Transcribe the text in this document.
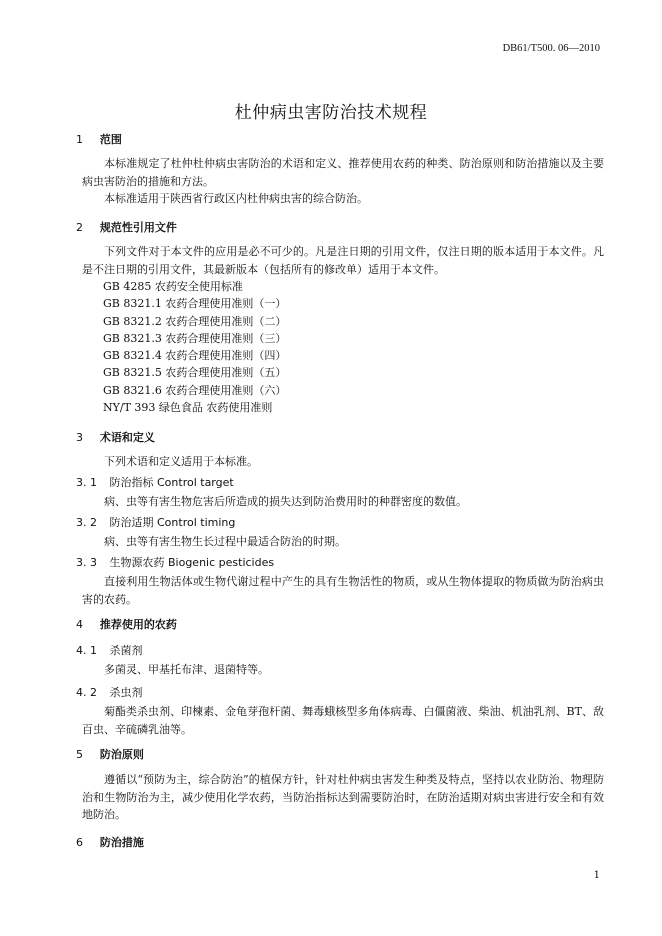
DB61/T500. 06—2010
杜仲病虫害防治技术规程
1 范围
本标准规定了杜仲杜仲病虫害防治的术语和定义、推荐使用农药的种类、防治原则和防治措施以及主要病虫害防治的措施和方法。
本标准适用于陕西省行政区内杜仲病虫害的综合防治。
2 规范性引用文件
下列文件对于本文件的应用是必不可少的。凡是注日期的引用文件，仅注日期的版本适用于本文件。凡是不注日期的引用文件，其最新版本（包括所有的修改单）适用于本文件。
GB 4285 农药安全使用标准
GB 8321.1 农药合理使用准则（一）
GB 8321.2 农药合理使用准则（二）
GB 8321.3 农药合理使用准则（三）
GB 8321.4 农药合理使用准则（四）
GB 8321.5 农药合理使用准则（五）
GB 8321.6 农药合理使用准则（六）
NY/T 393 绿色食品 农药使用准则
3 术语和定义
下列术语和定义适用于本标准。
3. 1 防治指标 Control target
病、虫等有害生物危害后所造成的损失达到防治费用时的种群密度的数值。
3. 2 防治适期 Control timing
病、虫等有害生物生长过程中最适合防治的时期。
3. 3 生物源农药 Biogenic pesticides
直接利用生物活体或生物代谢过程中产生的具有生物活性的物质，或从生物体提取的物质做为防治病虫害的农药。
4 推荐使用的农药
4. 1 杀菌剂
多菌灵、甲基托布津、退菌特等。
4. 2 杀虫剂
菊酯类杀虫剂、印楝素、金龟芽孢杆菌、舞毒蛾核型多角体病毒、白僵菌液、柴油、机油乳剂、BT、敌百虫、辛硫磷乳油等。
5 防治原则
遵循以“预防为主，综合防治”的植保方针，针对杜仲病虫害发生种类及特点，坚持以农业防治、物理防治和生物防治为主，减少使用化学农药，当防治指标达到需要防治时，在防治适期对病虫害进行安全和有效地防治。
6 防治措施
1
